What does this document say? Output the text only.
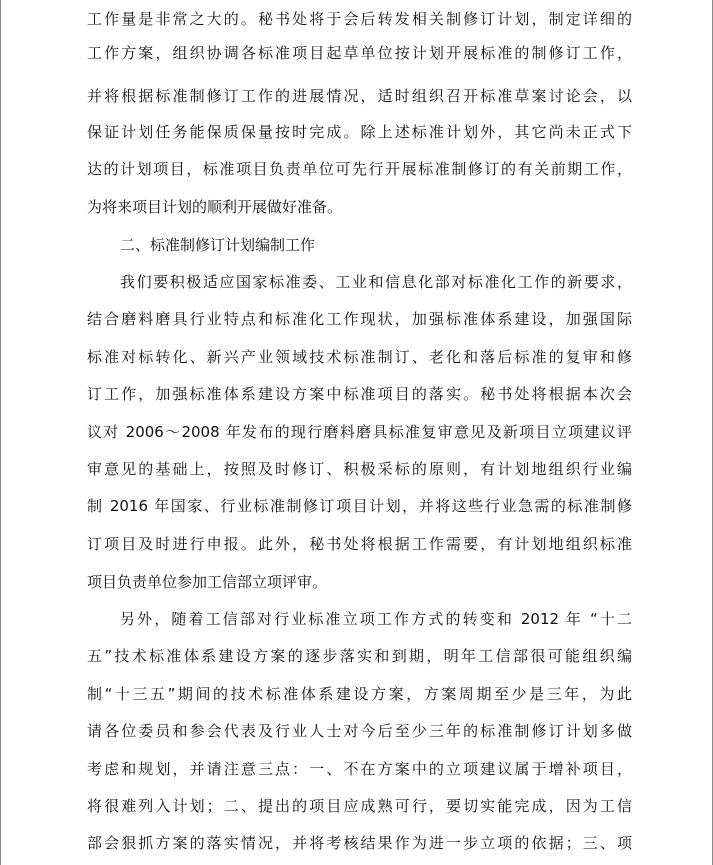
工作量是非常之大的。秘书处将于会后转发相关制修订计划，制定详细的
工作方案，组织协调各标准项目起草单位按计划开展标准的制修订工作，
并将根据标准制修订工作的进展情况，适时组织召开标准草案讨论会，以
保证计划任务能保质保量按时完成。除上述标准计划外，其它尚未正式下
达的计划项目，标准项目负责单位可先行开展标准制修订的有关前期工作，
为将来项目计划的顺利开展做好准备。
二、标准制修订计划编制工作
我们要积极适应国家标准委、工业和信息化部对标准化工作的新要求，
结合磨料磨具行业特点和标准化工作现状，加强标准体系建设，加强国际
标准对标转化、新兴产业领域技术标准制订、老化和落后标准的复审和修
订工作，加强标准体系建设方案中标准项目的落实。秘书处将根据本次会
议对 2006～2008 年发布的现行磨料磨具标准复审意见及新项目立项建议评
审意见的基础上，按照及时修订、积极采标的原则，有计划地组织行业编
制 2016 年国家、行业标准制修订项目计划，并将这些行业急需的标准制修
订项目及时进行申报。此外，秘书处将根据工作需要，有计划地组织标准
项目负责单位参加工信部立项评审。
另外，随着工信部对行业标准立项工作方式的转变和 2012 年 “十二
五”技术标准体系建设方案的逐步落实和到期，明年工信部很可能组织编
制“十三五”期间的技术标准体系建设方案，方案周期至少是三年，为此
请各位委员和参会代表及行业人士对今后至少三年的标准制修订计划多做
考虑和规划，并请注意三点：一、不在方案中的立项建议属于增补项目，
将很难列入计划；二、提出的项目应成熟可行，要切实能完成，因为工信
部会狠抓方案的落实情况，并将考核结果作为进一步立项的依据；三、项
